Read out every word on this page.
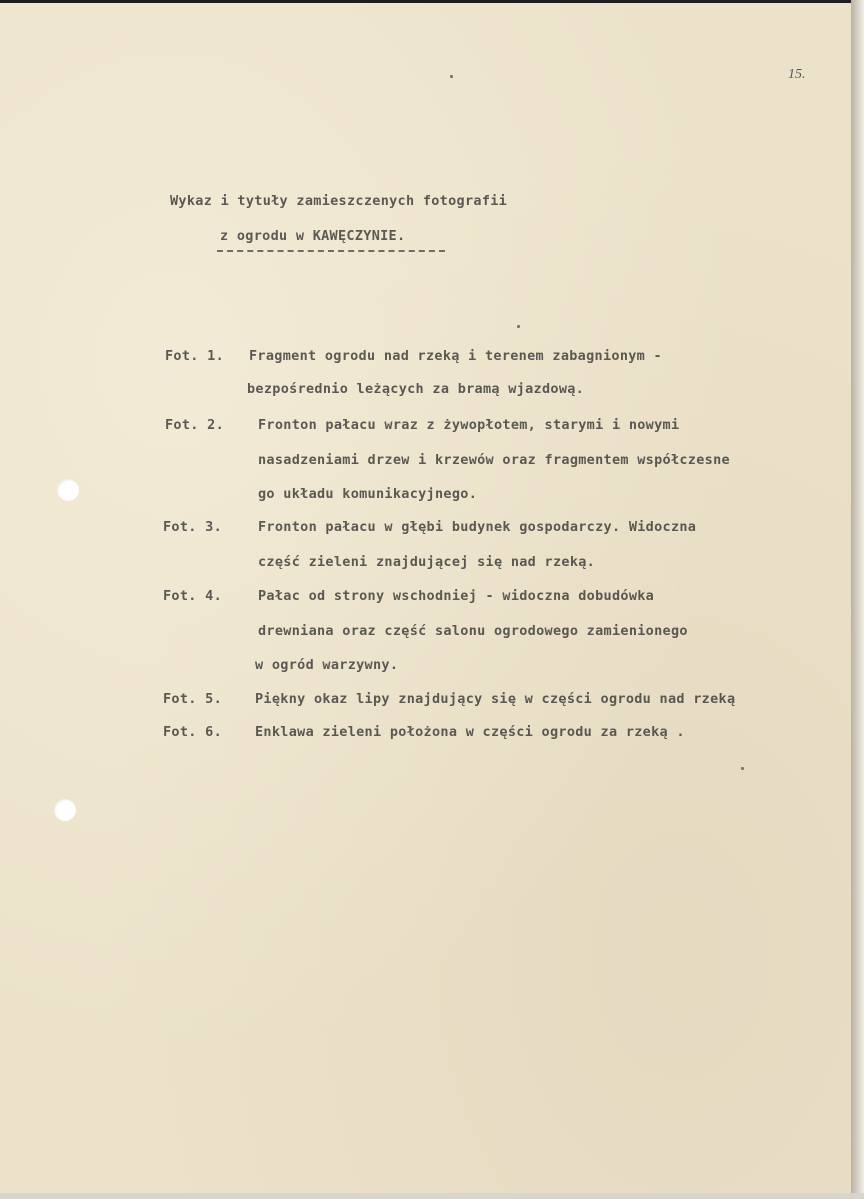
15.
Wykaz i tytuły zamieszczenych fotografii
z ogrodu w KAWĘCZYNIE.
Fot. 1. Fragment ogrodu nad rzeką i terenem zabagnionym -
bezpośrednio leżących za bramą wjazdową.
Fot. 2.	Fronton pałacu wraz z żywopłotem, starymi i nowymi
nasadzeniami drzew i krzewów oraz fragmentem współczesne
go układu komunikacyjnego.
Fot. 3.	Fronton pałacu w głębi budynek gospodarczy. Widoczna
część zieleni znajdującej się nad rzeką.
Fot. 4.	Pałac od strony wschodniej - widoczna dobudówka
drewniana oraz część salonu ogrodowego zamienionego
w ogród warzywny.
Fot. 5. Piękny okaz lipy znajdujący się w części ogrodu nad rzeką
Fot. 6. Enklawa zieleni położona w części ogrodu za rzeką .
